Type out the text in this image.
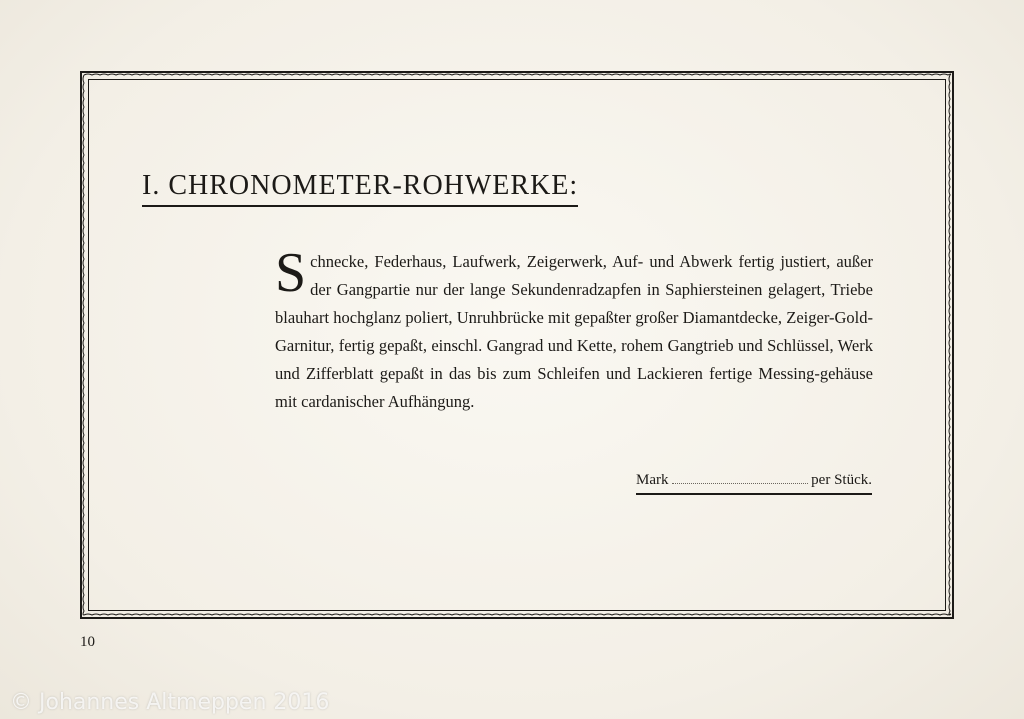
I. CHRONOMETER-ROHWERKE:
S chnecke, Federhaus, Laufwerk, Zeigerwerk, Auf- und Abwerk fertig justiert, außer der Gangpartie nur der lange Sekundenradzapfen in Saphiersteinen gelagert, Triebe blauhart hochglanz poliert, Unruhbrücke mit gepaßter großer Diamantdecke, Zeiger-Gold-Garnitur, fertig gepaßt, einschl. Gangrad und Kette, rohem Gangtrieb und Schlüssel, Werk und Zifferblatt gepaßt in das bis zum Schleifen und Lackieren fertige Messing-gehäuse mit cardanischer Aufhängung.
Mark	per Stück.
10
© Johannes Altmeppen 2016
